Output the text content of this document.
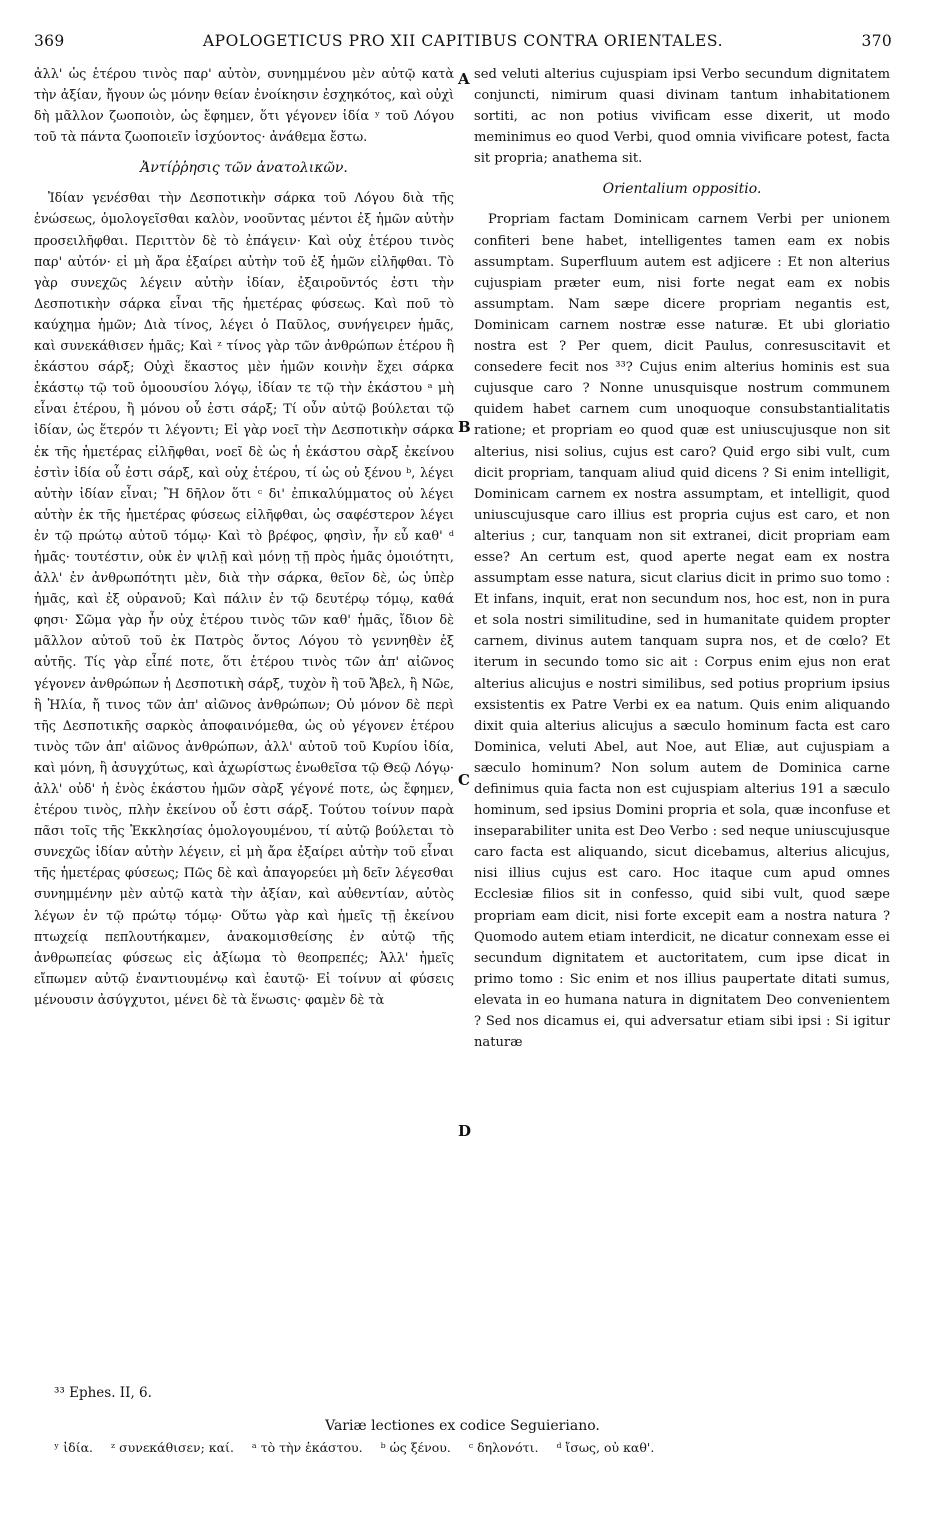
369	APOLOGETICUS PRO XII CAPITIBUS CONTRA ORIENTALES.	370

ἀλλ' ὡς ἑτέρου τινὸς παρ' αὐτὸν, συνημμένου μὲν αὐτῷ κατὰ τὴν ἀξίαν, ἤγουν ὡς μόνην θείαν ἐνοίκησιν ἐσχηκότος, καὶ οὐχὶ δὴ μᾶλλον ζωοποιὸν, ὡς ἔφημεν, ὅτι γέγονεν ἰδία ʸ τοῦ Λόγου τοῦ τὰ πάντα ζωοποιεῖν ἰσχύοντος· ἀνάθεμα ἔστω.

Ἀντίῤῥησις τῶν ἀνατολικῶν.

Ἰδίαν γενέσθαι τὴν Δεσποτικὴν σάρκα τοῦ Λόγου διὰ τῆς ἑνώσεως, ὁμολογεῖσθαι καλὸν, νοοῦντας μέντοι ἐξ ἡμῶν αὐτὴν προσειλῆφθαι. Περιττὸν δὲ τὸ ἐπάγειν· Καὶ οὐχ ἑτέρου τινὸς παρ' αὐτόν· εἰ μὴ ἄρα ἐξαίρει αὐτὴν τοῦ ἐξ ἡμῶν εἰλῆφθαι. Τὸ γὰρ συνεχῶς λέγειν αὐτὴν ἰδίαν, ἐξαιροῦντός ἐστι τὴν Δεσποτικὴν σάρκα εἶναι τῆς ἡμετέρας φύσεως. Καὶ ποῦ τὸ καύχημα ἡμῶν; Διὰ τίνος, λέγει ὁ Παῦλος, συνήγειρεν ἡμᾶς, καὶ συνεκάθισεν ἡμᾶς; Καὶ ᶻ τίνος γὰρ τῶν ἀνθρώπων ἑτέρου ἢ ἑκάστου σάρξ; Οὐχὶ ἕκαστος μὲν ἡμῶν κοινὴν ἔχει σάρκα ἑκάστῳ τῷ τοῦ ὁμοουσίου λόγῳ, ἰδίαν τε τῷ τὴν ἑκάστου ᵃ μὴ εἶναι ἑτέρου, ἢ μόνου οὗ ἐστι σάρξ; Τί οὖν αὐτῷ βούλεται τῷ ἰδίαν, ὡς ἕτερόν τι λέγοντι; Εἰ γὰρ νοεῖ τὴν Δεσποτικὴν σάρκα ἐκ τῆς ἡμετέρας εἰλῆφθαι, νοεῖ δὲ ὡς ἡ ἑκάστου σὰρξ ἐκείνου ἐστὶν ἰδία οὗ ἐστι σάρξ, καὶ οὐχ ἑτέρου, τί ὡς οὐ ξένου ᵇ, λέγει αὐτὴν ἰδίαν εἶναι; Ἢ δῆλον ὅτι ᶜ δι' ἐπικαλύμματος οὐ λέγει αὐτὴν ἐκ τῆς ἡμετέρας φύσεως εἰλῆφθαι, ὡς σαφέστερον λέγει ἐν τῷ πρώτῳ αὐτοῦ τόμῳ· Καὶ τὸ βρέφος, φησὶν, ἦν εὖ καθ' ᵈ ἡμᾶς· τουτέστιν, οὐκ ἐν ψιλῇ καὶ μόνῃ τῇ πρὸς ἡμᾶς ὁμοιότητι, ἀλλ' ἐν ἀνθρωπότητι μὲν, διὰ τὴν σάρκα, θεῖον δὲ, ὡς ὑπὲρ ἡμᾶς, καὶ ἐξ οὐρανοῦ; Καὶ πάλιν ἐν τῷ δευτέρῳ τόμῳ, καθά φησι· Σῶμα γὰρ ἦν οὐχ ἑτέρου τινὸς τῶν καθ' ἡμᾶς, ἴδιον δὲ μᾶλλον αὐτοῦ τοῦ ἐκ Πατρὸς ὄντος Λόγου τὸ γεννηθὲν ἐξ αὐτῆς. Τίς γὰρ εἶπέ ποτε, ὅτι ἑτέρου τινὸς τῶν ἀπ' αἰῶνος γέγονεν ἀνθρώπων ἡ Δεσποτικὴ σάρξ, τυχὸν ἢ τοῦ Ἄβελ, ἢ Νῶε, ἢ Ἠλία, ἤ τινος τῶν ἀπ' αἰῶνος ἀνθρώπων; Οὐ μόνον δὲ περὶ τῆς Δεσποτικῆς σαρκὸς ἀποφαινόμεθα, ὡς οὐ γέγονεν ἑτέρου τινὸς τῶν ἀπ' αἰῶνος ἀνθρώπων, ἀλλ' αὐτοῦ τοῦ Κυρίου ἰδία, καὶ μόνη, ἢ ἀσυγχύτως, καὶ ἀχωρίστως ἑνωθεῖσα τῷ Θεῷ Λόγῳ· ἀλλ' οὐδ' ἡ ἑνὸς ἑκάστου ἡμῶν σὰρξ γέγονέ ποτε, ὡς ἔφημεν, ἑτέρου τινὸς, πλὴν ἐκείνου οὗ ἐστι σάρξ. Τούτου τοίνυν παρὰ πᾶσι τοῖς τῆς Ἐκκλησίας ὁμολογουμένου, τί αὐτῷ βούλεται τὸ συνεχῶς ἰδίαν αὐτὴν λέγειν, εἰ μὴ ἄρα ἐξαίρει αὐτὴν τοῦ εἶναι τῆς ἡμετέρας φύσεως; Πῶς δὲ καὶ ἀπαγορεύει μὴ δεῖν λέγεσθαι συνημμένην μὲν αὐτῷ κατὰ τὴν ἀξίαν, καὶ αὐθεντίαν, αὐτὸς λέγων ἐν τῷ πρώτῳ τόμῳ· Οὕτω γὰρ καὶ ἡμεῖς τῇ ἐκείνου πτωχείᾳ πεπλουτήκαμεν, ἀνακομισθείσης ἐν αὐτῷ τῆς ἀνθρωπείας φύσεως εἰς ἀξίωμα τὸ θεοπρεπές; Ἀλλ' ἡμεῖς εἴπωμεν αὐτῷ ἐναντιουμένῳ καὶ ἑαυτῷ· Εἰ τοίνυν αἱ φύσεις μένουσιν ἀσύγχυτοι, μένει δὲ τὰ ἕνωσις· φαμὲν δὲ τὰ

sed veluti alterius cujuspiam ipsi Verbo secundum dignitatem conjuncti, nimirum quasi divinam tantum inhabitationem sortiti, ac non potius vivificam esse dixerit, ut modo meminimus eo quod Verbi, quod omnia vivificare potest, facta sit propria; anathema sit.

Orientalium oppositio.

Propriam factam Dominicam carnem Verbi per unionem confiteri bene habet, intelligentes tamen eam ex nobis assumptam. Superfluum autem est adjicere : Et non alterius cujuspiam præter eum, nisi forte negat eam ex nobis assumptam. Nam sæpe dicere propriam negantis est, Dominicam carnem nostræ esse naturæ. Et ubi gloriatio nostra est ? Per quem, dicit Paulus, conresuscitavit et consedere fecit nos ³³? Cujus enim alterius hominis est sua cujusque caro ? Nonne unusquisque nostrum communem quidem habet carnem cum unoquoque consubstantialitatis ratione; et propriam eo quod quæ est uniuscujusque non sit alterius, nisi solius, cujus est caro? Quid ergo sibi vult, cum dicit propriam, tanquam aliud quid dicens ? Si enim intelligit, Dominicam carnem ex nostra assumptam, et intelligit, quod uniuscujusque caro illius est propria cujus est caro, et non alterius ; cur, tanquam non sit extranei, dicit propriam eam esse? An certum est, quod aperte negat eam ex nostra assumptam esse natura, sicut clarius dicit in primo suo tomo : Et infans, inquit, erat non secundum nos, hoc est, non in pura et sola nostri similitudine, sed in humanitate quidem propter carnem, divinus autem tanquam supra nos, et de cœlo? Et iterum in secundo tomo sic ait : Corpus enim ejus non erat alterius alicujus e nostri similibus, sed potius proprium ipsius exsistentis ex Patre Verbi ex ea natum. Quis enim aliquando dixit quia alterius alicujus a sæculo hominum facta est caro Dominica, veluti Abel, aut Noe, aut Eliæ, aut cujuspiam a sæculo hominum? Non solum autem de Dominica carne definimus quia facta non est cujuspiam alterius 191 a sæculo hominum, sed ipsius Domini propria et sola, quæ inconfuse et inseparabiliter unita est Deo Verbo : sed neque uniuscujusque caro facta est aliquando, sicut dicebamus, alterius alicujus, nisi illius cujus est caro. Hoc itaque cum apud omnes Ecclesiæ filios sit in confesso, quid sibi vult, quod sæpe propriam eam dicit, nisi forte excepit eam a nostra natura ? Quomodo autem etiam interdicit, ne dicatur connexam esse ei secundum dignitatem et auctoritatem, cum ipse dicat in primo tomo : Sic enim et nos illius paupertate ditati sumus, elevata in eo humana natura in dignitatem Deo convenientem ? Sed nos dicamus ei, qui adversatur etiam sibi ipsi : Si igitur naturæ

A
B
C
D
³³ Ephes. II, 6.
Variæ lectiones ex codice Seguieriano.
ʸ ἰδία. ᶻ συνεκάθισεν; καί. ᵃ τὸ τὴν ἑκάστου. ᵇ ὡς ξένου. ᶜ δηλονότι. ᵈ ἴσως, οὐ καθ'.
